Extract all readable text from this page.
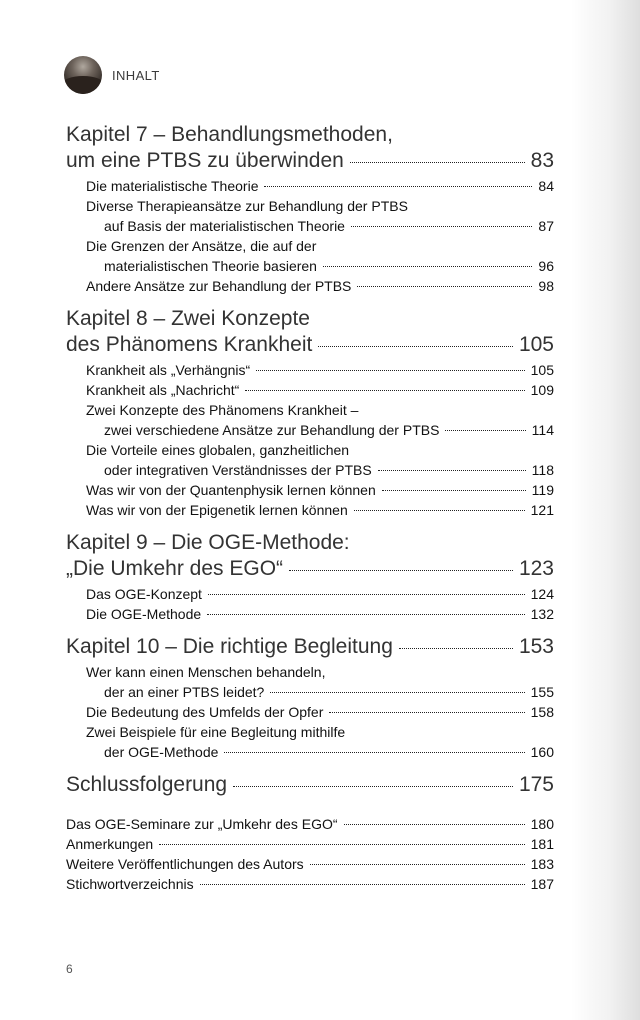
INHALT
Kapitel 7 – Behandlungsmethoden,
um eine PTBS zu überwinden	83
Die materialistische Theorie	84
Diverse Therapieansätze zur Behandlung der PTBS
auf Basis der materialistischen Theorie	87
Die Grenzen der Ansätze, die auf der
materialistischen Theorie basieren	96
Andere Ansätze zur Behandlung der PTBS	98
Kapitel 8 – Zwei Konzepte
des Phänomens Krankheit	105
Krankheit als „Verhängnis“	105
Krankheit als „Nachricht“	109
Zwei Konzepte des Phänomens Krankheit –
zwei verschiedene Ansätze zur Behandlung der PTBS	114
Die Vorteile eines globalen, ganzheitlichen
oder integrativen Verständnisses der PTBS	118
Was wir von der Quantenphysik lernen können	119
Was wir von der Epigenetik lernen können	121
Kapitel 9 – Die OGE-Methode:
„Die Umkehr des EGO“	123
Das OGE-Konzept	124
Die OGE-Methode	132
Kapitel 10 – Die richtige Begleitung	153
Wer kann einen Menschen behandeln,
der an einer PTBS leidet?	155
Die Bedeutung des Umfelds der Opfer	158
Zwei Beispiele für eine Begleitung mithilfe
der OGE-Methode	160
Schlussfolgerung	175
Das OGE-Seminare zur „Umkehr des EGO“	180
Anmerkungen	181
Weitere Veröffentlichungen des Autors	183
Stichwortverzeichnis	187
6
